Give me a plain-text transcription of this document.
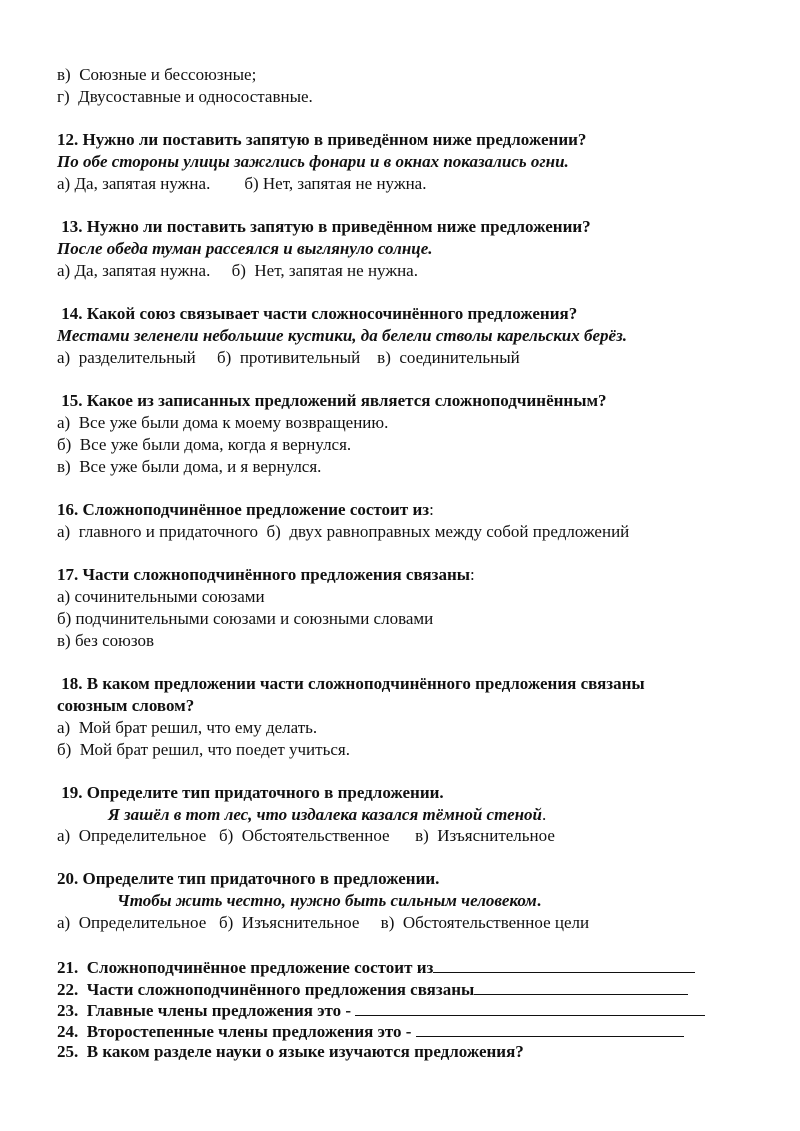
в)  Союзные и бессоюзные;
г)  Двусоставные и односоставные.
12. Нужно ли поставить запятую в приведённом ниже предложении?
По обе стороны улицы зажглись фонари и в окнах показались огни.
а) Да, запятая нужна.        б) Нет, запятая не нужна.
13. Нужно ли поставить запятую в приведённом ниже предложении?
После обеда туман рассеялся и выглянуло солнце.
а) Да, запятая нужна.     б)  Нет, запятая не нужна.
14. Какой союз связывает части сложносочинённого предложения?
Местами зеленели небольшие кустики, да белели стволы карельских берёз.
а)  разделительный     б)  противительный    в)  соединительный
15. Какое из записанных предложений является сложноподчинённым?
а)  Все уже были дома к моему возвращению.
б)  Все уже были дома, когда я вернулся.
в)  Все уже были дома, и я вернулся.
16. Сложноподчинённое предложение состоит из:
а)  главного и придаточного  б)  двух равноправных между собой предложений
17. Части сложноподчинённого предложения связаны:
а) сочинительными союзами
б) подчинительными союзами и союзными словами
в) без союзов
18. В каком предложении части сложноподчинённого предложения связаны
союзным словом?
а)  Мой брат решил, что ему делать.
б)  Мой брат решил, что поедет учиться.
19. Определите тип придаточного в предложении.
Я зашёл в тот лес, что издалека казался тёмной стеной.
а)  Определительное   б)  Обстоятельственное      в)  Изъяснительное
20. Определите тип придаточного в предложении.
Чтобы жить честно, нужно быть сильным человеком.
а)  Определительное   б)  Изъяснительное     в)  Обстоятельственное цели
21.  Сложноподчинённое предложение состоит из
22.  Части сложноподчинённого предложения связаны
23.  Главные члены предложения это -
24.  Второстепенные члены предложения это -
25.  В каком разделе науки о языке изучаются предложения?
